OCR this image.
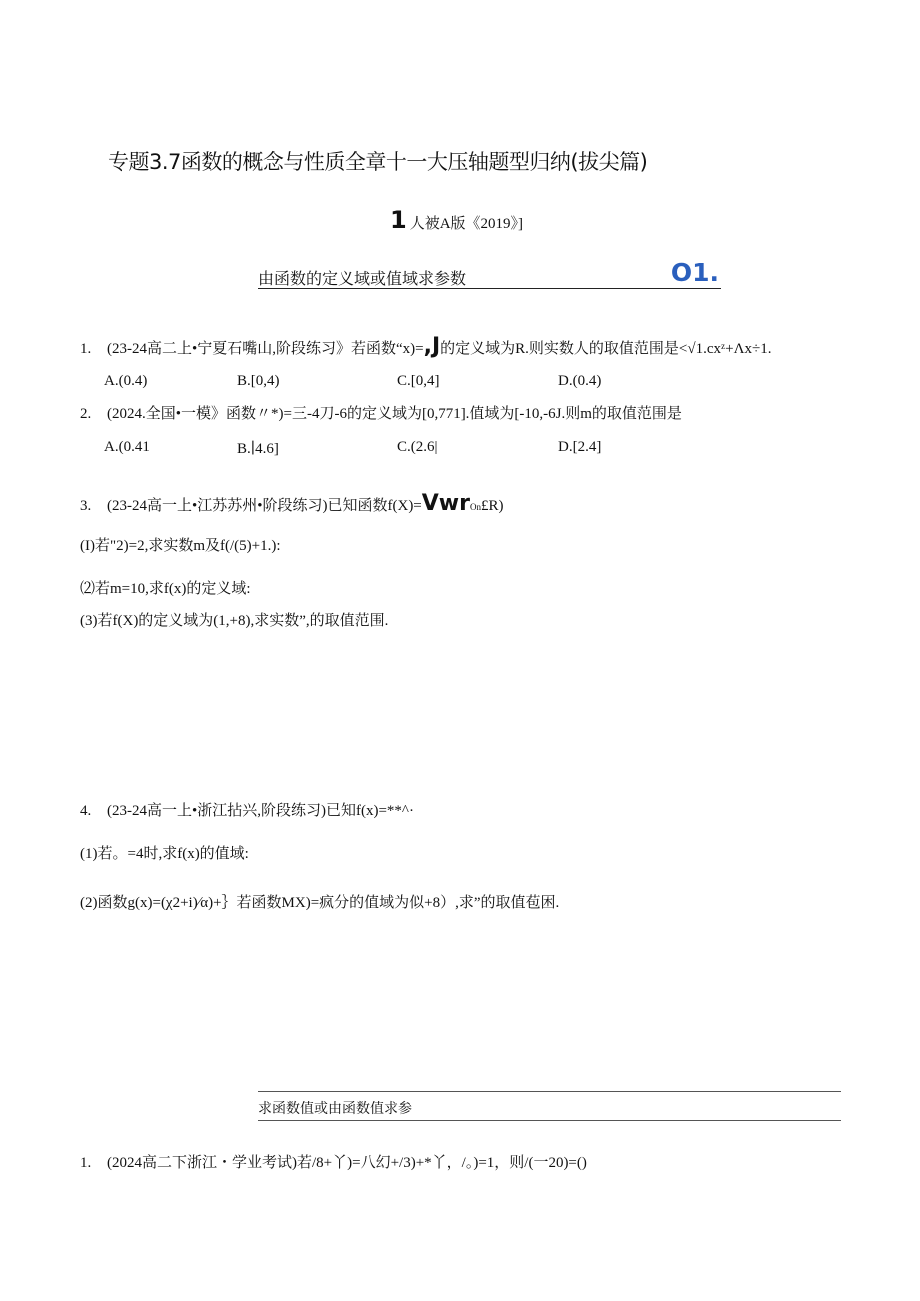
专题3.7函数的概念与性质全章十一大压轴题型归纳(拔尖篇)
1 人被A版《2019》]
由函数的定义域或值域求参数	O1.
1. (23-24高二上•宁夏石嘴山,阶段练习》若函数“x)=,J的定义域为R.则实数人的取值范围是<√1.cxᶻ+Λx÷1.
A.(0.4)	B.[0,4)	C.[0,4]	D.(0.4)
2. (2024.全国•一模》函数〃*)=三-4刀-6的定义域为[0,771].值域为[-10,-6J.则m的取值范围是
A.(0.41	B.∣4.6]	C.(2.6|	D.[2.4]
3. (23-24高一上•江苏苏州•阶段练习)已知函数f(X)=VwrOn£R)
(I)若"2)=2,求实数m及f(/(5)+1.):
⑵若m=10,求f(x)的定义域:
(3)若f(X)的定义域为(1,+8),求实数”,的取值范围.
4. (23-24高一上•浙江拈兴,阶段练习)已知f(x)=**^·
(1)若。=4时,求f(x)的值域:
(2)函数g(x)=(χ2+i)∕α)+｝若函数MX)=疯分的值域为似+8）,求”的取值苞困.
求函数值或由函数值求参
1. (2024高二下浙江・学业考试)若/8+丫)=八幻+/3)+*丫，/。)=1，则/(一20)=()
